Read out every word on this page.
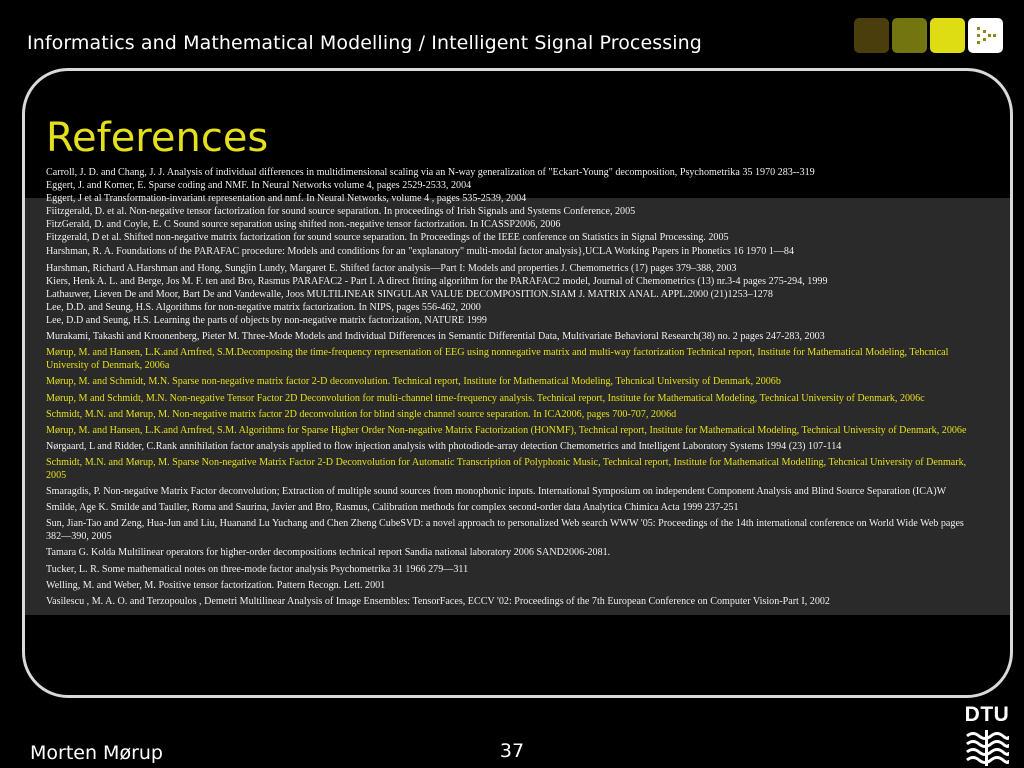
Informatics and Mathematical Modelling / Intelligent Signal Processing
References

Carroll, J. D. and Chang, J. J. Analysis of individual differences in multidimensional scaling via an N-way generalization of "Eckart-Young" decomposition, Psychometrika 35 1970 283--319

Eggert, J. and Korner, E. Sparse coding and NMF. In Neural Networks volume 4, pages 2529-2533, 2004

Eggert, J et al Transformation-invariant representation and nmf. In Neural Networks, volume 4 , pages 535-2539, 2004

Fiitzgerald, D. et al. Non-negative tensor factorization for sound source separation. In proceedings of Irish Signals and Systems Conference, 2005

FitzGerald, D. and Coyle, E. C Sound source separation using shifted non.-negative tensor factorization. In ICASSP2006, 2006

Fitzgerald, D et al. Shifted non-negative matrix factorization for sound source separation. In Proceedings of the IEEE conference on Statistics in Signal Processing. 2005

Harshman, R. A. Foundations of the PARAFAC procedure: Models and conditions for an "explanatory" multi-modal factor analysis},UCLA Working Papers in Phonetics 16 1970 1—84

Harshman, Richard A.Harshman and Hong, Sungjin Lundy, Margaret E. Shifted factor analysis—Part I: Models and properties J. Chemometrics (17) pages 379–388, 2003

Kiers, Henk A. L. and Berge, Jos M. F. ten and Bro, Rasmus PARAFAC2 - Part I. A direct fitting algorithm for the PARAFAC2 model, Journal of Chemometrics (13) nr.3-4 pages 275-294, 1999

Lathauwer, Lieven De and Moor, Bart De and Vandewalle, Joos MULTILINEAR SINGULAR VALUE DECOMPOSITION.SIAM J. MATRIX ANAL. APPL.2000 (21)1253–1278

Lee, D.D. and Seung, H.S. Algorithms for non-negative matrix factorization. In NIPS, pages 556-462, 2000

Lee, D.D and Seung, H.S. Learning the parts of objects by non-negative matrix factorization, NATURE 1999

Murakami, Takashi and Kroonenberg, Pieter M. Three-Mode Models and Individual Differences in Semantic Differential Data, Multivariate Behavioral Research(38) no. 2 pages 247-283, 2003

Mørup, M. and Hansen, L.K.and Arnfred, S.M.Decomposing the time-frequency representation of EEG using nonnegative matrix and multi-way factorization Technical report, Institute for Mathematical Modeling, Tehcnical University of Denmark, 2006a

Mørup, M. and Schmidt, M.N. Sparse non-negative matrix factor 2-D deconvolution. Technical report, Institute for Mathematical Modeling, Tehcnical University of Denmark, 2006b

Mørup, M and Schmidt, M.N. Non-negative Tensor Factor 2D Deconvolution for multi-channel time-frequency analysis. Technical report, Institute for Mathematical Modeling, Technical University of Denmark, 2006c

Schmidt, M.N. and Mørup, M. Non-negative matrix factor 2D deconvolution for blind single channel source separation. In ICA2006, pages 700-707, 2006d

Mørup, M. and Hansen, L.K.and Arnfred, S.M. Algorithms for Sparse Higher Order Non-negative Matrix Factorization (HONMF), Technical report, Institute for Mathematical Modeling, Technical University of Denmark, 2006e

Nørgaard, L and Ridder, C.Rank annihilation factor analysis applied to flow injection analysis with photodiode-array detection Chemometrics and Intelligent Laboratory Systems 1994 (23) 107-114

Schmidt, M.N. and Mørup, M. Sparse Non-negative Matrix Factor 2-D Deconvolution for Automatic Transcription of Polyphonic Music, Technical report, Institute for Mathematical Modelling, Tehcnical University of Denmark, 2005

Smaragdis, P. Non-negative Matrix Factor deconvolution; Extraction of multiple sound sources from monophonic inputs. International Symposium on independent Component Analysis and Blind Source Separation (ICA)W

Smilde, Age K. Smilde and Tauller, Roma and Saurina, Javier and Bro, Rasmus, Calibration methods for complex second-order data Analytica Chimica Acta 1999 237-251

Sun, Jian-Tao and Zeng, Hua-Jun and Liu, Huanand Lu Yuchang and Chen Zheng CubeSVD: a novel approach to personalized Web search WWW '05: Proceedings of the 14th international conference on World Wide Web pages 382—390, 2005

Tamara G. Kolda Multilinear operators for higher-order decompositions technical report Sandia national laboratory 2006 SAND2006-2081.

Tucker, L. R. Some mathematical notes on three-mode factor analysis Psychometrika 31 1966 279—311

Welling, M. and Weber, M. Positive tensor factorization. Pattern Recogn. Lett. 2001

Vasilescu , M. A. O. and Terzopoulos , Demetri Multilinear Analysis of Image Ensembles: TensorFaces, ECCV '02: Proceedings of the 7th European Conference on Computer Vision-Part I, 2002

Morten Mørup	37
DTU
